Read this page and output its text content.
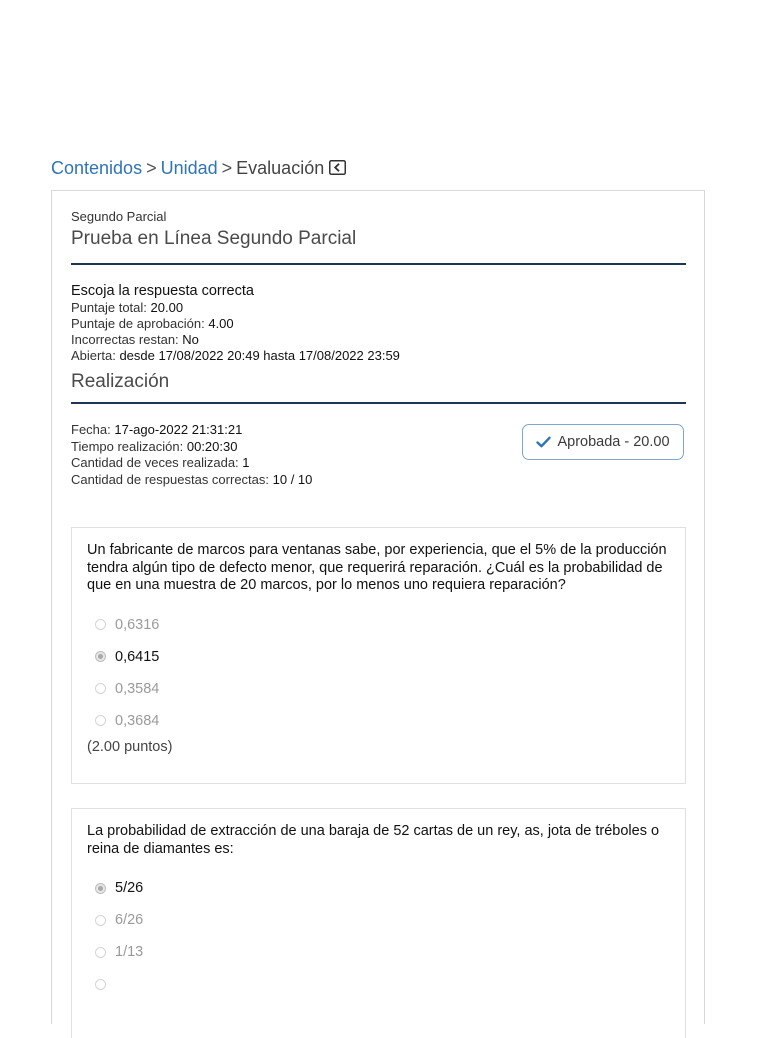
Contenidos > Unidad > Evaluación
Segundo Parcial
Prueba en Línea Segundo Parcial
Escoja la respuesta correcta
Puntaje total: 20.00
Puntaje de aprobación: 4.00
Incorrectas restan: No
Abierta: desde 17/08/2022 20:49 hasta 17/08/2022 23:59
Realización
Fecha: 17-ago-2022 21:31:21
Tiempo realización: 00:20:30
Cantidad de veces realizada: 1
Cantidad de respuestas correctas: 10 / 10
Aprobada - 20.00
Un fabricante de marcos para ventanas sabe, por experiencia, que el 5% de la producción tendra algún tipo de defecto menor, que requerirá reparación. ¿Cuál es la probabilidad de que en una muestra de 20 marcos, por lo menos uno requiera reparación?
0,6316
0,6415
0,3584
0,3684
(2.00 puntos)
La probabilidad de extracción de una baraja de 52 cartas de un rey, as, jota de tréboles o reina de diamantes es:
5/26
6/26
1/13
